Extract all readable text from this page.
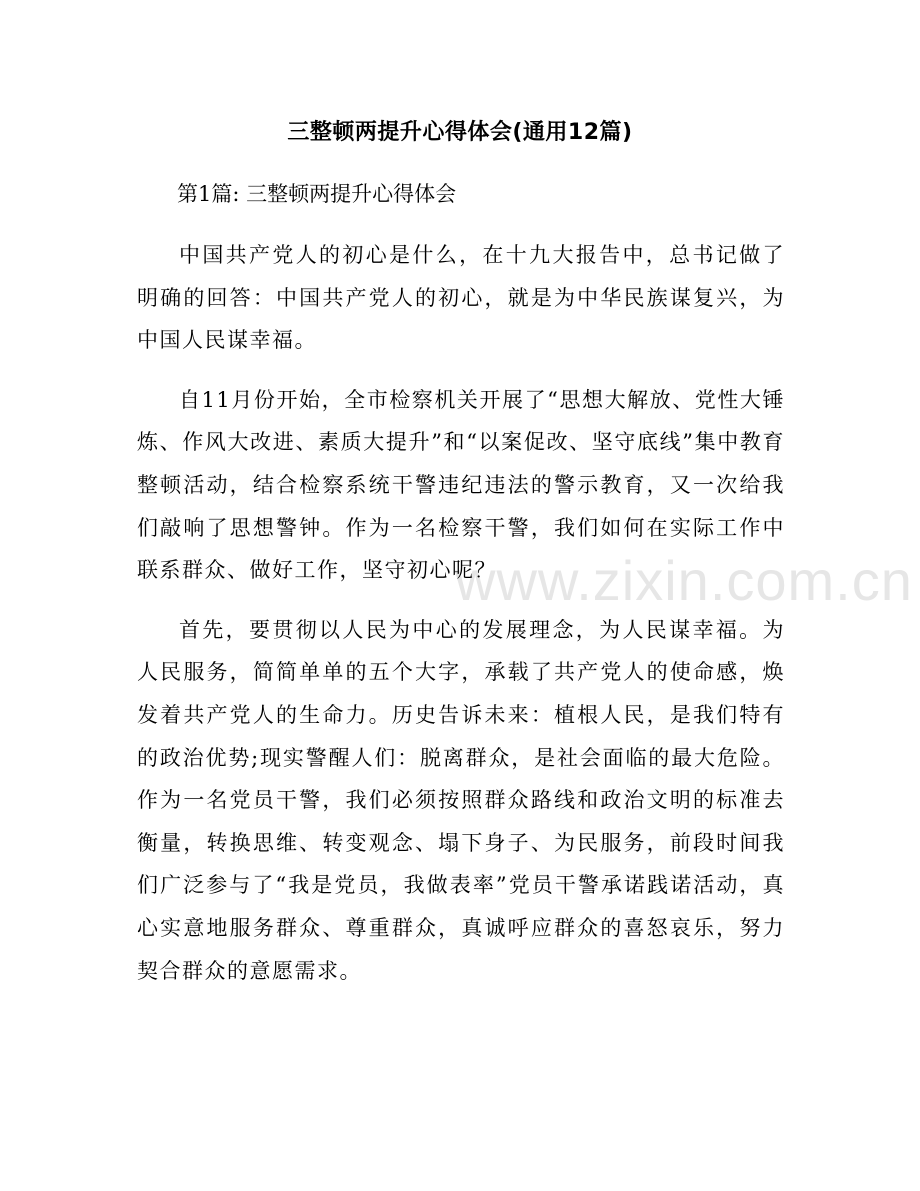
www.zixin.com.cn
三整顿两提升心得体会(通用12篇)
第1篇: 三整顿两提升心得体会

中国共产党人的初心是什么，在十九大报告中，总书记做了明确的回答：中国共产党人的初心，就是为中华民族谋复兴，为中国人民谋幸福。

自11月份开始，全市检察机关开展了“思想大解放、党性大锤炼、作风大改进、素质大提升”和“以案促改、坚守底线”集中教育整顿活动，结合检察系统干警违纪违法的警示教育，又一次给我们敲响了思想警钟。作为一名检察干警，我们如何在实际工作中联系群众、做好工作，坚守初心呢？

首先，要贯彻以人民为中心的发展理念，为人民谋幸福。为人民服务，简简单单的五个大字，承载了共产党人的使命感，焕发着共产党人的生命力。历史告诉未来：植根人民，是我们特有的政治优势;现实警醒人们：脱离群众，是社会面临的最大危险。作为一名党员干警，我们必须按照群众路线和政治文明的标准去衡量，转换思维、转变观念、塌下身子、为民服务，前段时间我们广泛参与了“我是党员，我做表率”党员干警承诺践诺活动，真心实意地服务群众、尊重群众，真诚呼应群众的喜怒哀乐，努力契合群众的意愿需求。
